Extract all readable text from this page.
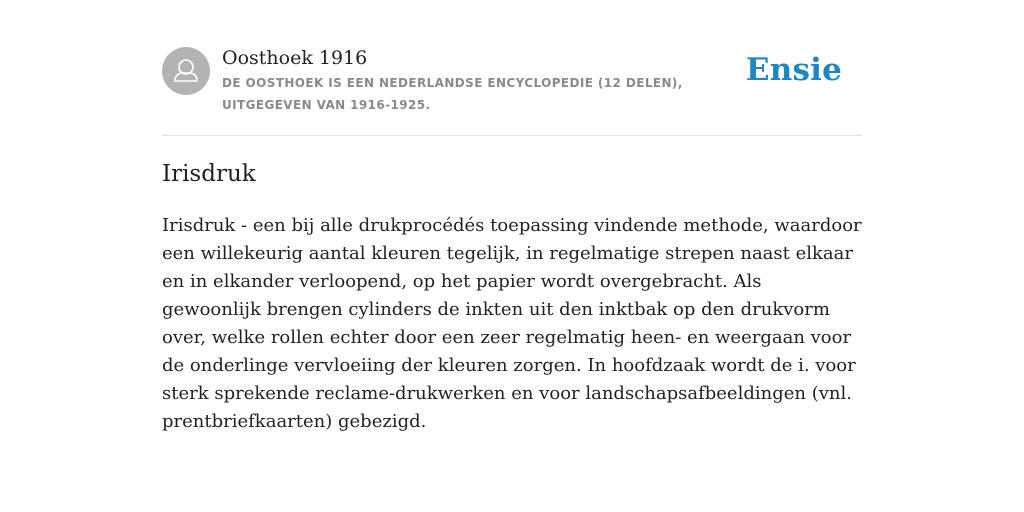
Oosthoek 1916
DE OOSTHOEK IS EEN NEDERLANDSE ENCYCLOPEDIE (12 DELEN), UITGEGEVEN VAN 1916-1925.
Ensie
Irisdruk

Irisdruk - een bij alle drukprocédés toepassing vindende methode, waardoor een willekeurig aantal kleuren tegelijk, in regelmatige strepen naast elkaar en in elkander verloopend, op het papier wordt overgebracht. Als gewoonlijk brengen cylinders de inkten uit den inktbak op den drukvorm over, welke rollen echter door een zeer regelmatig heen- en weergaan voor de onderlinge vervloeiing der kleuren zorgen. In hoofdzaak wordt de i. voor sterk sprekende reclame-drukwerken en voor landschapsafbeeldingen (vnl. prentbriefkaarten) gebezigd.
